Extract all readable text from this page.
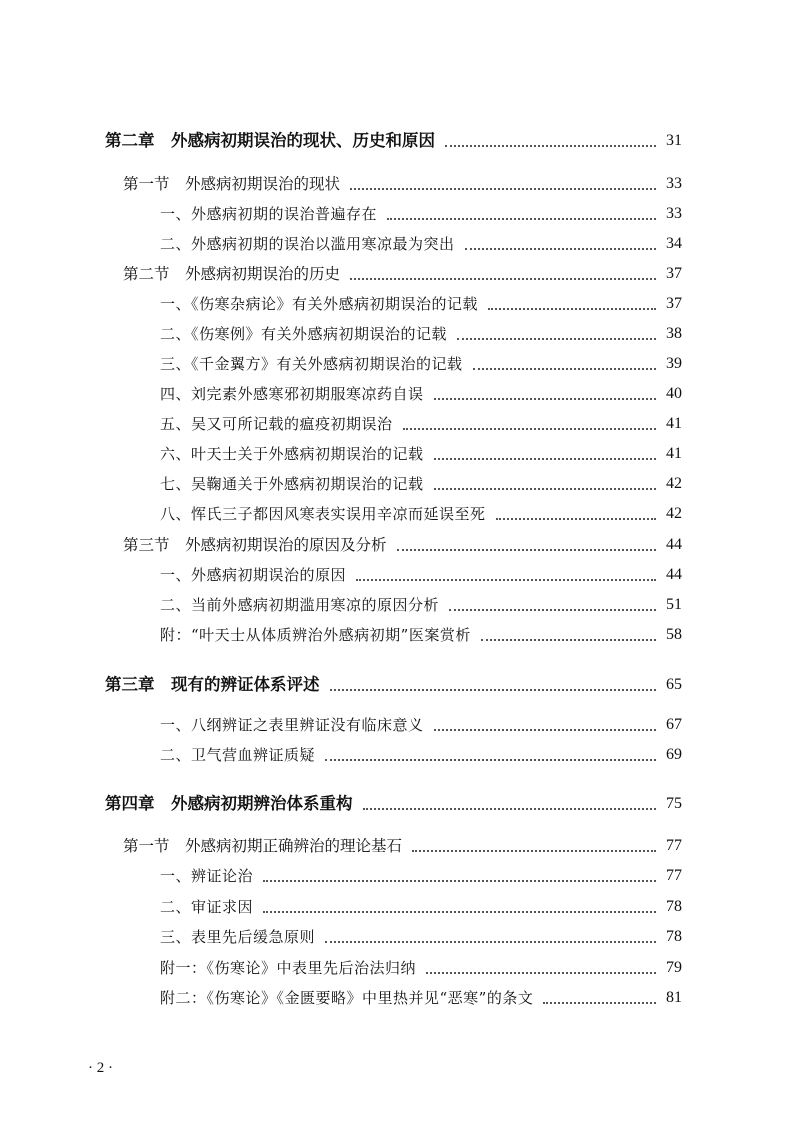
第二章　外感病初期误治的现状、历史和原因	31
第一节　外感病初期误治的现状	33
一、外感病初期的误治普遍存在	33
二、外感病初期的误治以滥用寒凉最为突出	34
第二节　外感病初期误治的历史	37
一、《伤寒杂病论》有关外感病初期误治的记载	37
二、《伤寒例》有关外感病初期误治的记载	38
三、《千金翼方》有关外感病初期误治的记载	39
四、刘完素外感寒邪初期服寒凉药自误	40
五、吴又可所记载的瘟疫初期误治	41
六、叶天士关于外感病初期误治的记载	41
七、吴鞠通关于外感病初期误治的记载	42
八、恽氏三子都因风寒表实误用辛凉而延误至死	42
第三节　外感病初期误治的原因及分析	44
一、外感病初期误治的原因	44
二、当前外感病初期滥用寒凉的原因分析	51
附：“叶天士从体质辨治外感病初期”医案赏析	58
第三章　现有的辨证体系评述	65
一、八纲辨证之表里辨证没有临床意义	67
二、卫气营血辨证质疑	69
第四章　外感病初期辨治体系重构	75
第一节　外感病初期正确辨治的理论基石	77
一、辨证论治	77
二、审证求因	78
三、表里先后缓急原则	78
附一：《伤寒论》中表里先后治法归纳	79
附二：《伤寒论》《金匮要略》中里热并见“恶寒”的条文	81
· 2 ·
